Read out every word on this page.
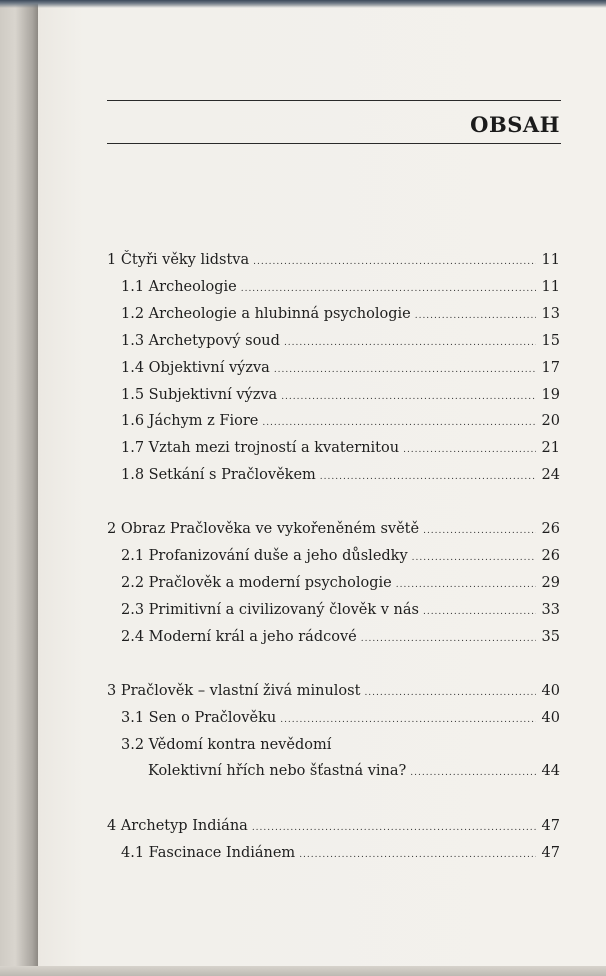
OBSAH
1 Čtyři věky lidstva .....	11
1.1 Archeologie .....	11
1.2 Archeologie a hlubinná psychologie .....	13
1.3 Archetypový soud .....	15
1.4 Objektivní výzva .....	17
1.5 Subjektivní výzva .....	19
1.6 Jáchym z Fiore .....	20
1.7 Vztah mezi trojností a kvaternitou .....	21
1.8 Setkání s Pračlověkem .....	24
2 Obraz Pračlověka ve vykořeněném světě .....	26
2.1 Profanizování duše a jeho důsledky .....	26
2.2 Pračlověk a moderní psychologie .....	29
2.3 Primitivní a civilizovaný člověk v nás .....	33
2.4 Moderní král a jeho rádcové .....	35
3 Pračlověk – vlastní živá minulost .....	40
3.1 Sen o Pračlověku .....	40
3.2 Vědomí kontra nevědomí
Kolektivní hřích nebo šťastná vina? .....	44
4 Archetyp Indiána .....	47
4.1 Fascinace Indiánem .....	47
